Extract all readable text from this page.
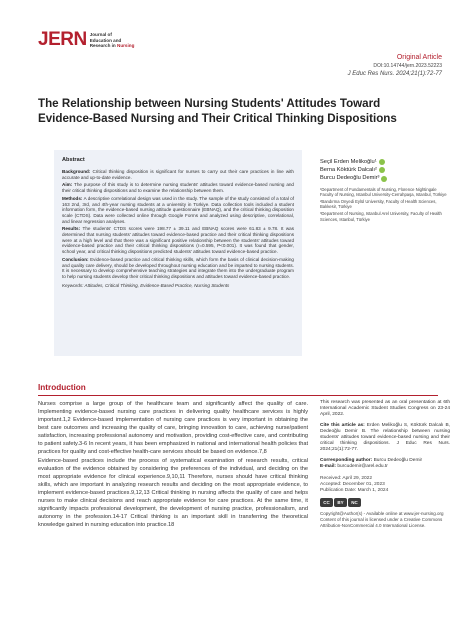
JERN Journal of
Education and
Research in Nursing
Original Article
DOI:10.14744/jern.2023.52223
J Educ Res Nurs. 2024;21(1):72-77
The Relationship between Nursing Students' Attitudes Toward Evidence-Based Nursing and Their Critical Thinking Dispositions
Abstract

Background: Critical thinking disposition is significant for nurses to carry out their care practices in line with accurate and up-to-date evidence.

Aim: The purpose of this study is to determine nursing students' attitudes toward evidence-based nursing and their critical thinking dispositions and to examine the relationship between them.

Methods: A descriptive correlational design was used in the study. The sample of the study consisted of a total of 163 2nd, 3rd, and 4th-year nursing students at a university in Türkiye. Data collection tools included a student information form, the evidence-based nursing attitude questionnaire (EBNAQ), and the critical thinking disposition scale (CTDS). Data were collected online through Google Forms and analyzed using descriptive, correlational, and linear regression analyses.

Results: The students' CTDS scores were 198.77 ± 39.11 and EBNAQ scores were 61.83 ± 9.78. It was determined that nursing students' attitudes toward evidence-based practice and their critical thinking dispositions were at a high level and that there was a significant positive relationship between the students' attitudes toward evidence-based practice and their critical thinking dispositions (r=0.595, P<0.001). It was found that gender, school year, and critical thinking dispositions predicted students' attitudes toward evidence-based practice.

Conclusion: Evidence-based practice and critical thinking skills, which form the basis of clinical decision-making and quality care delivery, should be developed throughout nursing education and be imparted to nursing students. It is necessary to develop comprehensive teaching strategies and integrate them into the undergraduate program to help nursing students develop their critical thinking dispositions and attitudes toward evidence-based practice.

Keywords: Attitudes, Critical Thinking, Evidence-Based Practice, Nursing Students

Seçil Erden Melikoğlu¹
Berna Köktürk Dalcalı²
Burcu Dedeoğlu Demir³

¹Department of Fundamentals of Nursing, Florence Nightingale Faculty of Nursing, Istanbul University-Cerrahpaşa, Istanbul, Türkiye

²Bandırma Onyedi Eylül University, Faculty of Health Sciences, Balıkesir, Türkiye

³Department of Nursing, Istanbul Arel University, Faculty of Health Sciences, Istanbul, Türkiye

Introduction

Nurses comprise a large group of the healthcare team and significantly affect the quality of care. Implementing evidence-based nursing care practices in delivering quality healthcare services is highly important.1,2 Evidence-based implementation of nursing care practices is very important in obtaining the best care outcomes and increasing the quality of care, bringing innovation to care, achieving nurse/patient satisfaction, increasing professional autonomy and motivation, providing cost-effective care, and contributing to patient safety.3-6 In recent years, it has been emphasized in national and international health policies that practices for quality and cost-effective health-care services should be based on evidence.7,8

Evidence-based practices include the process of systematical examination of research results, critical evaluation of the evidence obtained by considering the preferences of the individual, and deciding on the most appropriate evidence for clinical experience.9,10,11 Therefore, nurses should have critical thinking skills, which are important in analyzing research results and deciding on the most appropriate evidence, to implement evidence-based practices.9,12,13 Critical thinking in nursing affects the quality of care and helps nurses to make clinical decisions and reach appropriate evidence for care practices. At the same time, it significantly impacts professional development, the development of nursing practice, professionalism, and autonomy in the profession.14-17 Critical thinking is an important skill in transferring the theoretical knowledge gained in nursing education into practice.18

This research was presented as an oral presentation at 6th International Academic Student Studies Congress on 23-24 April, 2022.

Cite this article as: Erden Melikoğlu S, Köktürk Dalcalı B, Dedeoğlu Demir B. The relationship between nursing students' attitudes toward evidence-based nursing and their critical thinking dispositions. J Educ Res Nurs. 2024;21(1):72-77.

Corresponding author: Burcu Dedeoğlu Demir
E-mail: burcudemir@arel.edu.tr

Received: April 29, 2022
Accepted: December 01, 2023
Publication Date: March 1, 2024
CC	BY	NC

Copyright@Author(s) - Available online at www.jer-nursing.org Content of this journal is licensed under a Creative Commons Attribution-NonCommercial 4.0 International License.
